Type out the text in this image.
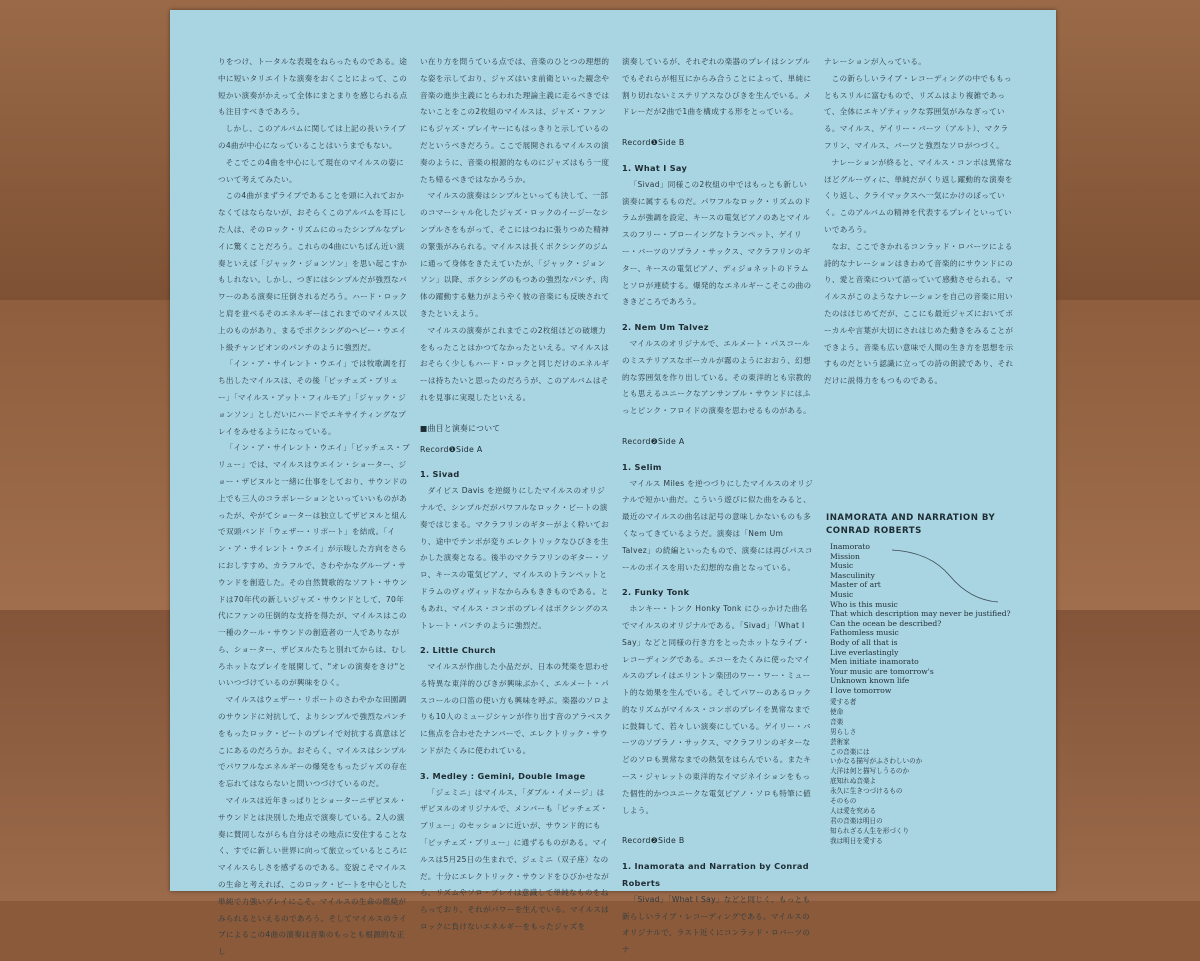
りをつけ、トータルな表現をねらったものである。途中に短いタリエイトな演奏をおくことによって、この短かい演奏がかえって全体にまとまりを感じられる点も注目すべきであろう。

しかし、このアルバムに関しては上記の長いライブの4曲が中心になっていることはいうまでもない。

そこでこの4曲を中心にして現在のマイルスの姿について考えてみたい。

この4曲がまずライブであることを頭に入れておかなくてはならないが、おそらくこのアルバムを耳にした人は、そのロック・リズムにのったシンプルなプレイに驚くことだろう。これらの4曲にいちばん近い演奏といえば「ジャック・ジョンソン」を思い起こすかもしれない。しかし、つぎにはシンプルだが強烈なパワーのある演奏に圧倒されるだろう。ハード・ロックと肩を並べるそのエネルギーはこれまでのマイルス以上のものがあり、まるでボクシングのヘビー・ウエイト級チャンピオンのパンチのように強烈だ。

「イン・ア・サイレント・ウエイ」では牧歌調を打ち出したマイルスは、その後「ビッチェズ・ブリュー」「マイルス・アット・フィルモア」「ジャック・ジョンソン」としだいにハードでエキサイティングなプレイをみせるようになっている。

「イン・ア・サイレント・ウエイ」「ビッチェス・ブリュー」では、マイルスはウエイン・ショーター、ジョー・ザビヌルと一緒に仕事をしており、サウンドの上でも三人のコラボレーションといっていいものがあったが、やがてショーターは独立してザビヌルと組んで双頭バンド「ウェザー・リポート」を結成。「イン・ア・サイレント・ウエイ」が示唆した方向をさらにおしすすめ、カラフルで、さわやかなグループ・サウンドを創造した。その自然賛歌的なソフト・サウンドは70年代の新しいジャズ・サウンドとして、70年代にファンの圧倒的な支持を得たが、マイルスはこの一種のクール・サウンドの創造者の一人でありながら、ショーター、ザビヌルたちと別れてからは、むしろホットなプレイを展開して、"オレの演奏をきけ"といいつづけているのが興味をひく。

マイルスはウェザー・リポートのさわやかな田園調のサウンドに対抗して、よりシンプルで強烈なパンチをもったロック・ビートのプレイで対抗する真意はどこにあるのだろうか。おそらく、マイルスはシンプルでパワフルなエネルギーの爆発をもったジャズの存在を忘れてはならないと問いつづけているのだ。

マイルスは近年きっぱりとショーターニザビヌル・サウンドとは決別した地点で演奏している。2人の演奏に賛同しながらも自分はその地点に安住することなく、すでに新しい世界に向って旅立っているところにマイルスらしさを感ずるのである。変貌こそマイルスの生命と考えれば、このロック・ビートを中心とした単純で力強いプレイにこそ、マイルスの生命の燃焼がみられるといえるのであろう。そしてマイルスのライブによるこの4曲の演奏は音楽のもっとも根源的な正し

い在り方を問うている点では、音楽のひとつの理想的な姿を示しており、ジャズはいま前衛といった観念や音楽の進歩主義にとらわれた理論主義に走るべきではないことをこの2枚組のマイルスは、ジャズ・ファンにもジャズ・プレイヤーにもはっきりと示しているのだというべきだろう。ここで展開されるマイルスの演奏のように、音楽の根源的なものにジャズはもう一度たち帰るべきではなかろうか。

マイルスの演奏はシンプルといっても決して、一部のコマーシャル化したジャズ・ロックのイージーなシンプルさをもがって、そこにはつねに張りつめた精神の緊張がみられる。マイルスは長くボクシングのジムに通って身体をきたえていたが、「ジャック・ジョンソン」以降、ボクシングのもつあの強烈なパンチ、肉体の躍動する魅力がようやく彼の音楽にも反映されてきたといえよう。

マイルスの演奏がこれまでこの2枚組ほどの破壊力をもったことはかつてなかったといえる。マイルスはおそらく少しもハード・ロックと同じだけのエネルギーは持ちたいと思ったのだろうが、このアルバムはそれを見事に実現したといえる。

■曲目と演奏について
Record❶Side A
1. Sivad

ダイビス Davis を逆綴りにしたマイルスのオリジナルで、シンプルだがパワフルなロック・ビートの演奏ではじまる。マクラフリンのギターがよく粋いており、途中でテンポが変りエレクトリックなひびきを生かした演奏となる。後半のマクラフリンのギター・ソロ、キースの電気ピアノ、マイルスのトランペットとドラムのヴィヴィッドなからみもききものである。ともあれ、マイルス・コンボのプレイはボクシングのストレート・パンチのように強烈だ。

2. Little Church

マイルスが作曲した小品だが、日本の梵楽を思わせる特異な東洋的ひびきが興味ぶかく、エルメート・パスコールの口笛の使い方も興味を呼ぶ。楽器のソロよりも10人のミュージシャンが作り出す音のアラベスクに焦点を合わせたナンバーで、エレクトリック・サウンドがたくみに使われている。

3. Medley : Gemini, Double Image

「ジェミニ」はマイルス、「ダブル・イメージ」はザビヌルのオリジナルで、メンバーも「ビッチェズ・ブリュー」のセッションに近いが、サウンド的にも「ビッチェズ・ブリュー」に通ずるものがある。マイルスは5月25日の生まれで、ジェミニ（双子座）なのだ。十分にエレクトリック・サウンドをひびかせながら、リズムやソロ・プレイは意識して単純なものをねらっており、それがパワーを生んでいる。マイルスはロックに負けないエネルギーをもったジャズを

演奏しているが、それぞれの楽器のプレイはシンプルでもそれらが相互にからみ合うことによって、単純に割り切れないミステリアスなひびきを生んでいる。メドレーだが2曲で1曲を構成する形をとっている。

Record❶Side B
1. What I Say

「Sivad」同様この2枚組の中ではもっとも新しい演奏に属するものだ。パワフルなロック・リズムのドラムが強調を設定、キースの電気ピアノのあとマイルスのフリー・ブローイングなトランペット、ゲイリー・バーツのソプラノ・サックス、マクラフリンのギター、キースの電気ピアノ、ディジョネットのドラムとソロが連続する。爆発的なエネルギーこそこの曲のききどころであろう。

2. Nem Um Talvez

マイルスのオリジナルで、エルメート・パスコールのミステリアスなボーカルが霧のようにおおう、幻想的な雰囲気を作り出している。その東洋的とも宗教的とも思えるユニークなアンサンブル・サウンドにはふっとピンク・フロイドの演奏を思わせるものがある。

Record❷Side A
1. Selim

マイルス Miles を逆つづりにしたマイルスのオリジナルで短かい曲だ。こういう遊びに似た曲をみると、最近のマイルスの曲名は記号の意味しかないものも多くなってきているようだ。演奏は「Nem Um Talvez」の続編といったもので、演奏には再びパスコールのボイスを用いた幻想的な曲となっている。

2. Funky Tonk

ホンキー・トンク Honky Tonk にひっかけた曲名でマイルスのオリジナルである。「Sivad」「What I Say」などと同様の行き方をとったホットなライブ・レコーディングである。エコーをたくみに使ったマイルスのプレイはエリントン楽団のワー・ワー・ミュート的な効果を生んでいる。そしてパワーのあるロック的なリズムがマイルス・コンボのプレイを異常なまでに鼓舞して、若々しい演奏にしている。ゲイリー・バーツのソプラノ・サックス、マクラフリンのギターなどのソロも異常なまでの熱気をはらんでいる。またキース・ジャレットの東洋的なイマジネイションをもった個性的かつユニークな電気ピアノ・ソロも特筆に値しよう。

Record❷Side B
1. Inamorata and Narration by Conrad Roberts

「Sivad」「What I Say」などと同じく、もっとも新らしいライブ・レコーディングである。マイルスのオリジナルで、ラスト近くにコンラッド・ロバーツのナ

ナレーションが入っている。

この新らしいライブ・レコーディングの中でももっともスリルに富むもので、リズムはより複雑であって、全体にエキゾティックな雰囲気がみなぎっている。マイルス、ゲイリー・バーツ（アルト）、マクラフリン、マイルス、バーツと強烈なソロがつづく。

ナレーションが終ると、マイルス・コンボは異常なほどグルーヴィに、単純だがくり返し躍動的な演奏をくり返し、クライマックスへ一気にかけのぼっていく。このアルバムの精神を代表するプレイといっていいであろう。

なお、ここできかれるコンラッド・ロバーツによる詩的なナレーションはきわめて音楽的にサウンドにのり、愛と音楽について語っていて感動させられる。マイルスがこのようなナレーションを自己の音楽に用いたのはほじめてだが、ここにも最近ジャズにおいてボーカルや言葉が大切にされはじめた動きをみることができよう。音楽も広い意味で人間の生き方を思想を示すものだという認識に立っての詩の朗読であり、それだけに説得力をもつものである。

INAMORATA AND NARRATION BY CONRAD ROBERTS
Inamorato
Mission
Music
Masculinity
Master of art
Music
Who is this music
That which description may never be justified?
Can the ocean be described?
Fathomless music
Body of all that is
Live everlastingly
Men initiate inamorato
Your music are tomorrow's
Unknown known life
I love tomorrow
愛する者
使命
音楽
男らしさ
芸術家
この音楽には
いかなる描写がふさわしいのか
大洋は何と描写しうるのか
底知れぬ音楽よ
永久に生きつづけるもの
そのもの
人は愛を究める
君の音楽は明日の
知られざる人生を形づくり
我は明日を愛する
